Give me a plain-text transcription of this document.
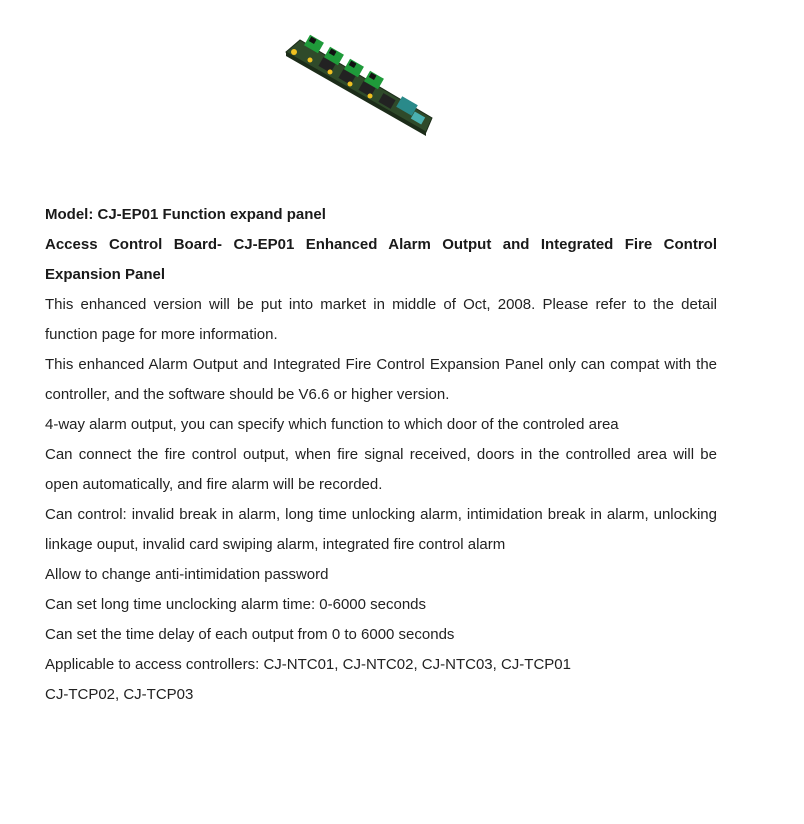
Model: CJ-EP01 Function expand panel

Access Control Board- CJ-EP01 Enhanced Alarm Output and Integrated Fire Control Expansion Panel

This enhanced version will be put into market in middle of Oct, 2008. Please refer to the detail function page for more information.

This enhanced Alarm Output and Integrated Fire Control Expansion Panel only can compat with the controller, and the software should be V6.6 or higher version.

4-way alarm output, you can specify which function to which door of the controled area

Can connect the fire control output, when fire signal received, doors in the controlled area will be open automatically, and fire alarm will be recorded.

Can control: invalid break in alarm, long time unlocking alarm, intimidation break in alarm, unlocking linkage ouput, invalid card swiping alarm, integrated fire control alarm

Allow to change anti-intimidation password

Can set long time unclocking alarm time: 0-6000 seconds

Can set the time delay of each output from 0 to 6000 seconds

Applicable to access controllers: CJ-NTC01, CJ-NTC02, CJ-NTC03, CJ-TCP01

CJ-TCP02, CJ-TCP03
